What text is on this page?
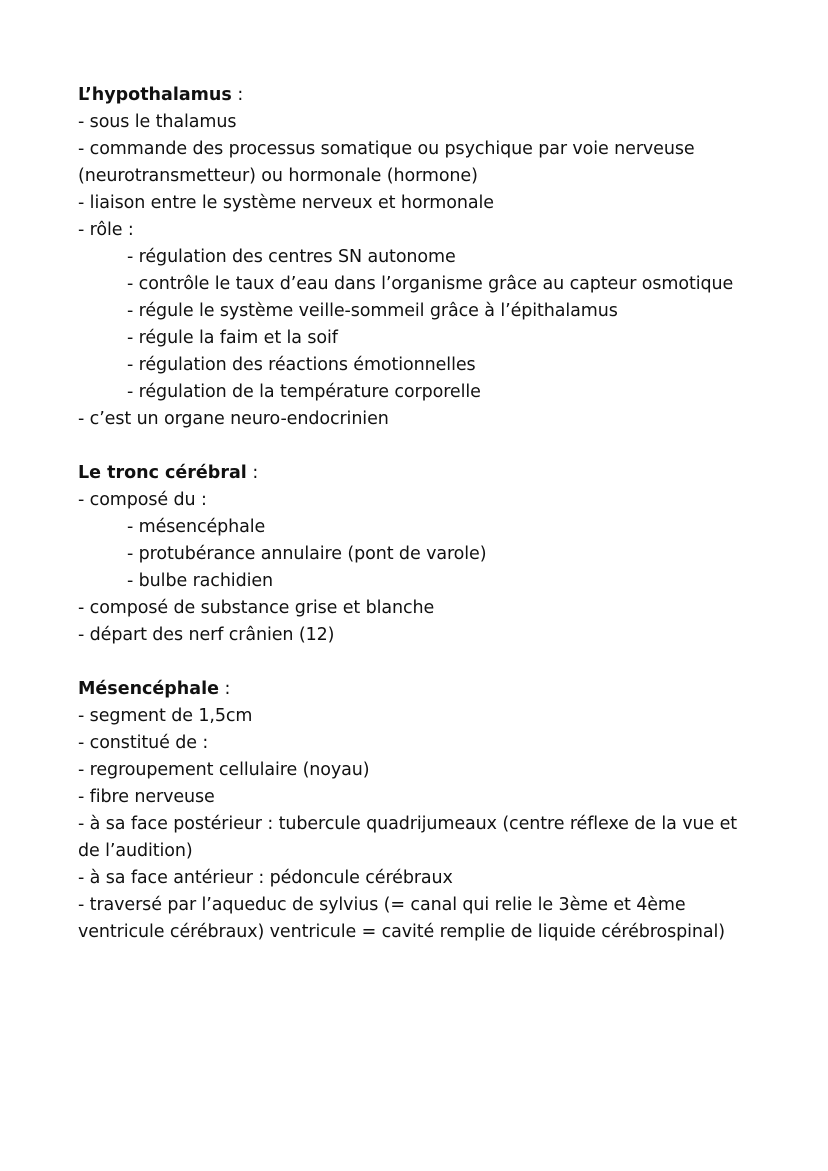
L’hypothalamus :
- sous le thalamus
- commande des processus somatique ou psychique par voie nerveuse (neurotransmetteur) ou hormonale (hormone)
- liaison entre le système nerveux et hormonale
- rôle :
- régulation des centres SN autonome
- contrôle le taux d’eau dans l’organisme grâce au capteur osmotique
- régule le système veille-sommeil grâce à l’épithalamus
- régule la faim et la soif
- régulation des réactions émotionnelles
- régulation de la température corporelle
- c’est un organe neuro-endocrinien
Le tronc cérébral :
- composé du :
- mésencéphale
- protubérance annulaire (pont de varole)
- bulbe rachidien
- composé de substance grise et blanche
- départ des nerf crânien (12)
Mésencéphale :
- segment de 1,5cm
- constitué de :
- regroupement cellulaire (noyau)
- fibre nerveuse
- à sa face postérieur : tubercule quadrijumeaux (centre réflexe de la vue et de l’audition)
- à sa face antérieur : pédoncule cérébraux
- traversé par l’aqueduc de sylvius (= canal qui relie le 3ème et 4ème ventricule cérébraux) ventricule = cavité remplie de liquide cérébrospinal)
